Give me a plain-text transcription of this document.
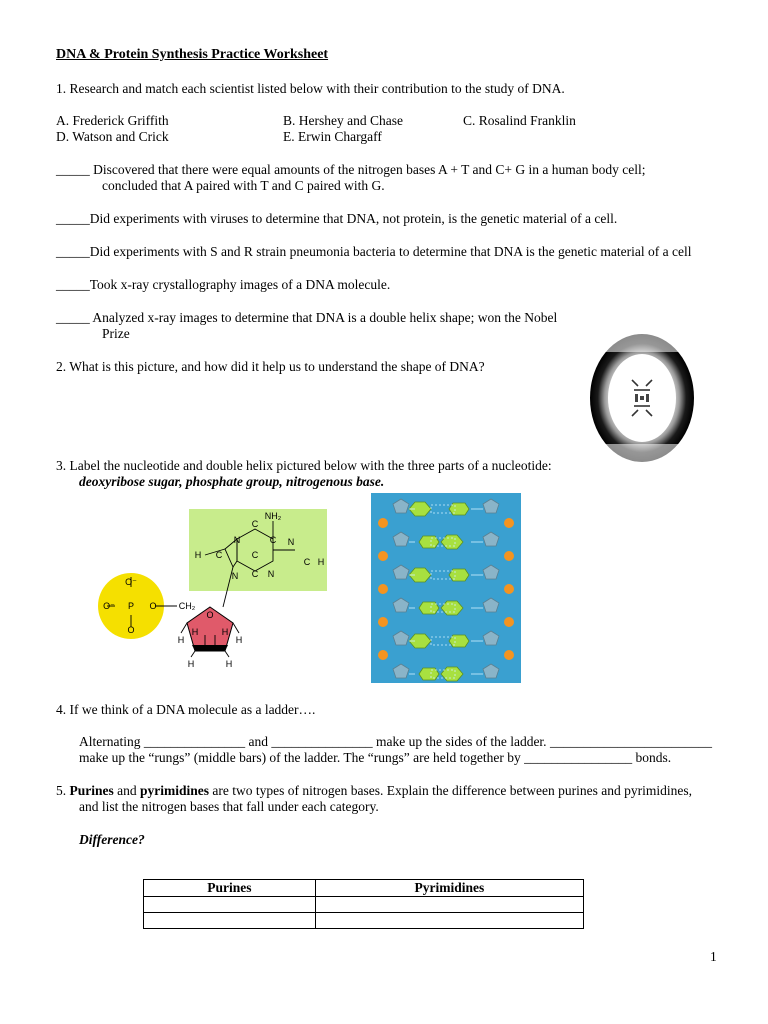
DNA & Protein Synthesis Practice Worksheet
1. Research and match each scientist listed below with their contribution to the study of DNA.
A. Frederick Griffith	B. Hershey and Chase	C. Rosalind Franklin
D. Watson and Crick	E. Erwin Chargaff
_____ Discovered that there were equal amounts of the nitrogen bases A + T and C+ G in a human body cell;
concluded that A paired with T and C paired with G.
_____Did experiments with viruses to determine that DNA, not protein, is the genetic material of a cell.
_____Did experiments with S and R strain pneumonia bacteria to determine that DNA is the genetic material of a cell
_____Took x-ray crystallography images of a DNA molecule.
_____ Analyzed x-ray images to determine that DNA is a double helix shape; won the Nobel
Prize
2. What is this picture, and how did it help us to understand the shape of DNA?
3. Label the nucleotide and double helix pictured below with the three parts of a nucleotide:
deoxyribose sugar, phosphate group, nitrogenous base.
NH₂
C
N	C N
H C	C
C H
C
N	N
O⁻
O⁻ P O
O
CH₂
O
H	H
H	H
H	H
4. If we think of a DNA molecule as a ladder….
Alternating _______________ and _______________ make up the sides of the ladder. ________________________
make up the “rungs” (middle bars) of the ladder. The “rungs” are held together by ________________ bonds.
5. Purines and pyrimidines are two types of nitrogen bases. Explain the difference between purines and pyrimidines,
and list the nitrogen bases that fall under each category.
Difference?
Purines	Pyrimidines

1
